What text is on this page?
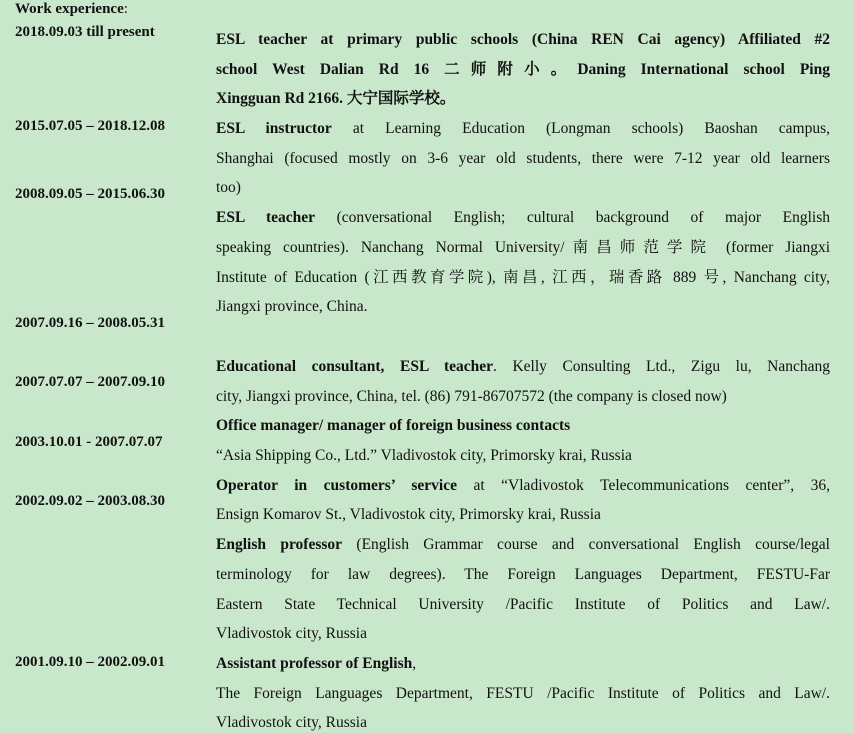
Work experience:
2018.09.03 till present
2015.07.05 – 2018.12.08
2008.09.05 – 2015.06.30
2007.09.16 – 2008.05.31
2007.07.07 – 2007.09.10
2003.10.01 - 2007.07.07
2002.09.02 – 2003.08.30
2001.09.10 – 2002.09.01
ESL teacher at primary public schools (China REN Cai agency) Affiliated #2
school West Dalian Rd 16 二师附小。Daning International school Ping
Xingguan Rd 2166. 大宁国际学校。
ESL instructor at Learning Education (Longman schools) Baoshan campus,
Shanghai (focused mostly on 3-6 year old students, there were 7-12 year old learners
too)
ESL teacher (conversational English; cultural background of major English
speaking countries). Nanchang Normal University/南昌师范学院 (former Jiangxi
Institute of Education (江西教育学院), 南昌, 江西，瑞香路 889 号, Nanchang city,
Jiangxi province, China.
Educational consultant, ESL teacher. Kelly Consulting Ltd., Zigu lu, Nanchang
city, Jiangxi province, China, tel. (86) 791-86707572 (the company is closed now)
Office manager/ manager of foreign business contacts
“Asia Shipping Co., Ltd.” Vladivostok city, Primorsky krai, Russia
Operator in customers’ service at “Vladivostok Telecommunications center”, 36,
Ensign Komarov St., Vladivostok city, Primorsky krai, Russia
English professor (English Grammar course and conversational English course/legal
terminology for law degrees). The Foreign Languages Department, FESTU-Far
Eastern State Technical University /Pacific Institute of Politics and Law/.
Vladivostok city, Russia
Assistant professor of English,
The Foreign Languages Department, FESTU /Pacific Institute of Politics and Law/.
Vladivostok city, Russia
